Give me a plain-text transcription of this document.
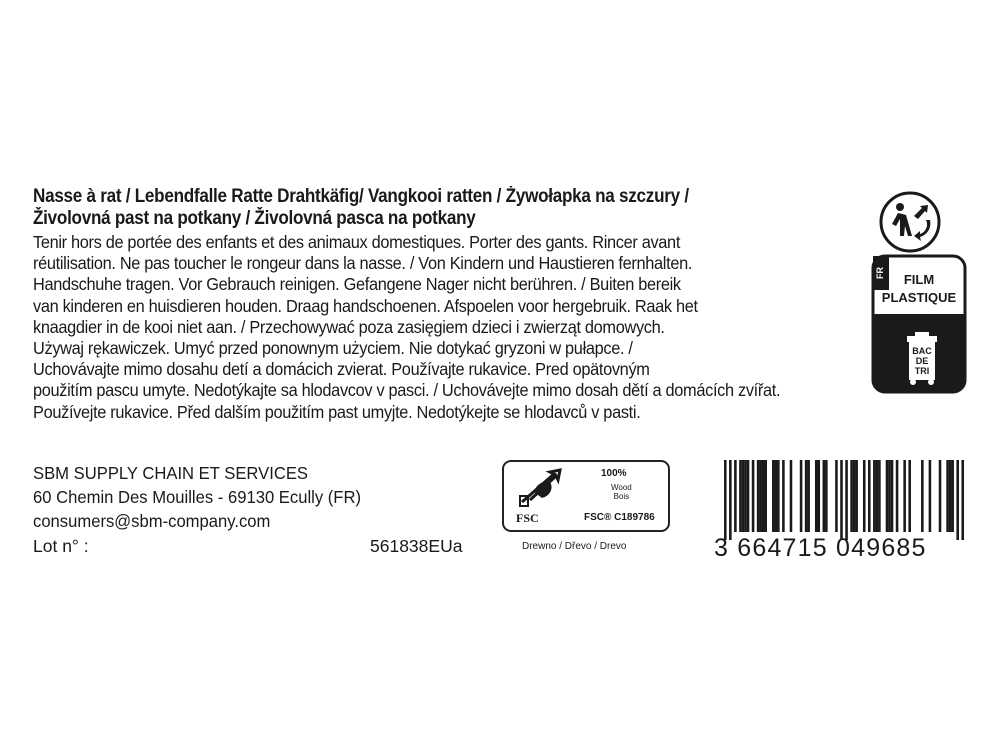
Nasse à rat / Lebendfalle Ratte Drahtkäfig/ Vangkooi ratten / Żywołapka na szczury /
Živolovná past na potkany / Živolovná pasca na potkany
Tenir hors de portée des enfants et des animaux domestiques. Porter des gants. Rincer avant
réutilisation. Ne pas toucher le rongeur dans la nasse. / Von Kindern und Haustieren fernhalten.
Handschuhe tragen. Vor Gebrauch reinigen. Gefangene Nager nicht berühren. / Buiten bereik
van kinderen en huisdieren houden. Draag handschoenen. Afspoelen voor hergebruik. Raak het
knaagdier in de kooi niet aan. / Przechowywać poza zasięgiem dzieci i zwierząt domowych.
Używaj rękawiczek. Umyć przed ponownym użyciem. Nie dotykać gryzoni w pułapce. /
Uchovávajte mimo dosahu detí a domácich zvierat. Používajte rukavice. Pred opätovným
použitím pascu umyte. Nedotýkajte sa hlodavcov v pasci. / Uchovávejte mimo dosah dětí a domácích zvířat.
Používejte rukavice. Před dalším použitím past umyjte. Nedotýkejte se hlodavců v pasti.
FR	FILM
PLASTIQUE
BAC
DE
TRI
SBM SUPPLY CHAIN ET SERVICES
60 Chemin Des Mouilles - 69130 Ecully (FR)
consumers@sbm-company.com
Lot n° :	561838EUa
FSC
100%
Wood
Bois
FSC® C189786
Drewno / Dřevo / Drevo	3 664715 049685
